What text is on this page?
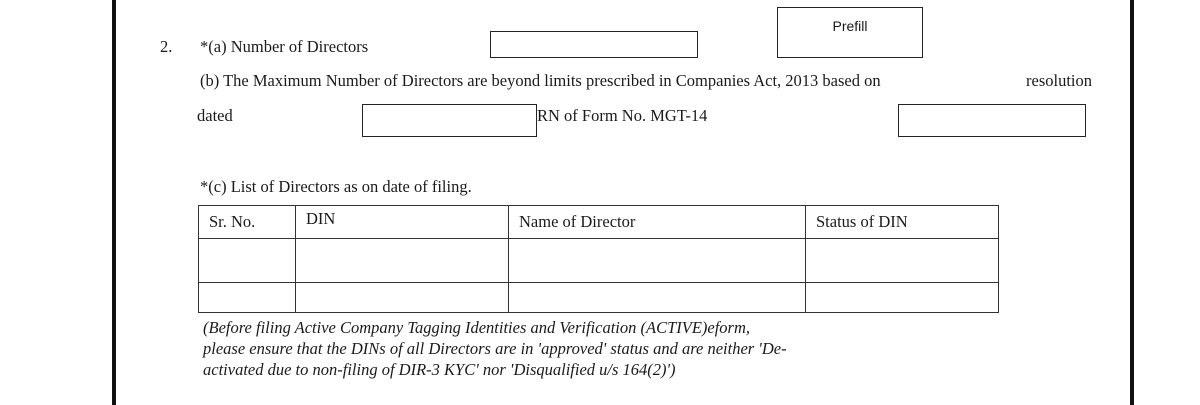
2. *(a) Number of Directors
Prefill
(b) The Maximum Number of Directors are beyond limits prescribed in Companies Act, 2013 based on	resolution
dated	RN of Form No. MGT-14
*(c) List of Directors as on date of filing.
Sr. No.	DIN	Name of Director	Status of DIN

(Before filing Active Company Tagging Identities and Verification (ACTIVE)eform,
please ensure that the DINs of all Directors are in 'approved' status and are neither 'De-
activated due to non-filing of DIR-3 KYC' nor 'Disqualified u/s 164(2)')
